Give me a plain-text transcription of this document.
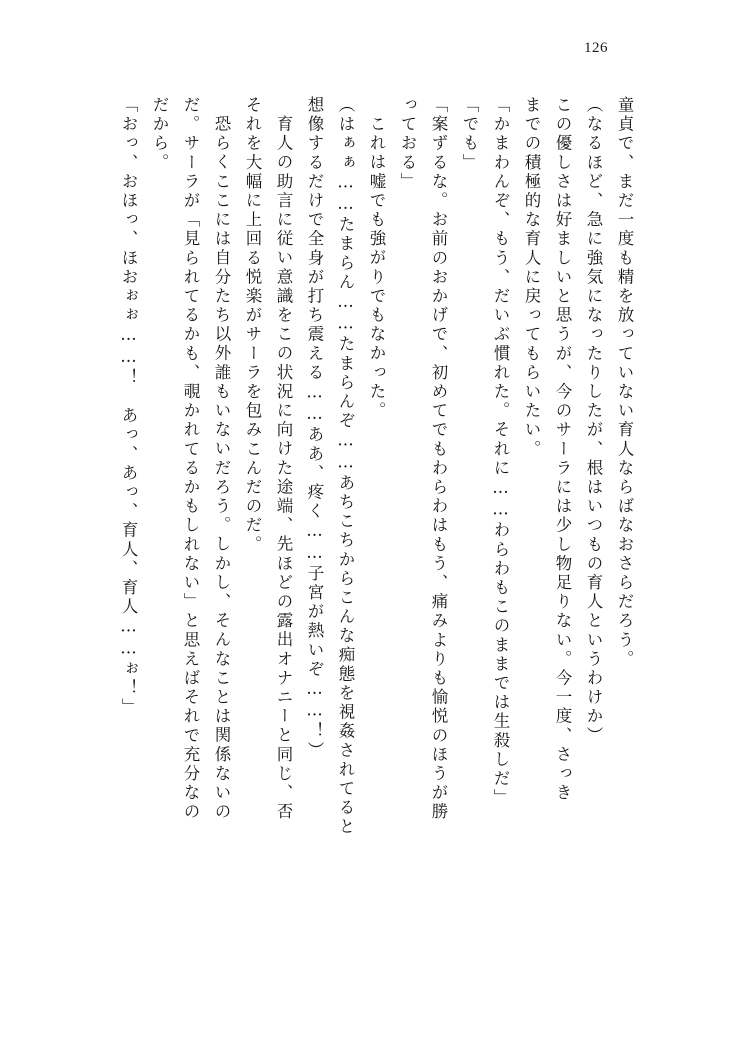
126
童貞で、まだ一度も精を放っていない育人ならばなおさらだろう。
（なるほど、急に強気になったりしたが、根はいつもの育人というわけか）
この優しさは好ましいと思うが、今のサーラには少し物足りない。今一度、さっき
までの積極的な育人に戻ってもらいたい。
「かまわんぞ、もう、だいぶ慣れた。それに……わらわもこのままでは生殺しだ」
「でも」
「案ずるな。お前のおかげで、初めてでもわらわはもう、痛みよりも愉悦のほうが勝
っておる」
これは嘘でも強がりでもなかった。
（はぁぁ……たまらん……たまらんぞ……あちこちからこんな痴態を視姦されてると
想像するだけで全身が打ち震える……ああ、疼く……子宮が熱いぞ……！）
育人の助言に従い意識をこの状況に向けた途端、先ほどの露出オナニーと同じ、否
それを大幅に上回る悦楽がサーラを包みこんだのだ。
恐らくここには自分たち以外誰もいないだろう。しかし、そんなことは関係ないの
だ。サーラが「見られてるかも、覗かれてるかもしれない」と思えばそれで充分なの
だから。
「おっ、おほっ、ほおぉぉ……！　あっ、あっ、育人、育人……ぉ！」
